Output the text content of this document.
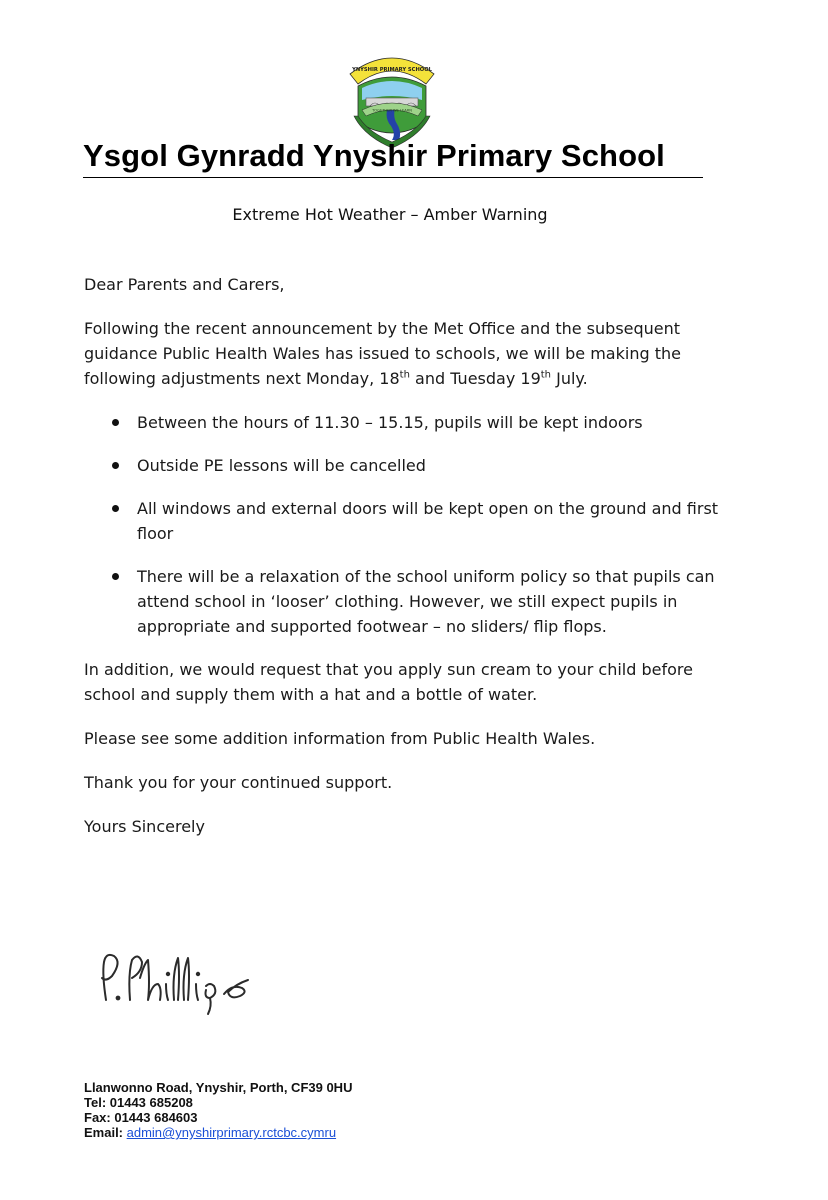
YNYSHIR PRIMARY SCHOOL
TOGETHER WE LEARN
Ysgol Gynradd Ynyshir Primary School
Extreme Hot Weather – Amber Warning

Dear Parents and Carers,

Following the recent announcement by the Met Office and the subsequent guidance Public Health Wales has issued to schools, we will be making the following adjustments next Monday, 18th and Tuesday 19th July.

Between the hours of 11.30 – 15.15, pupils will be kept indoors
Outside PE lessons will be cancelled
All windows and external doors will be kept open on the ground and first floor
There will be a relaxation of the school uniform policy so that pupils can attend school in ‘looser’ clothing. However, we still expect pupils in appropriate and supported footwear – no sliders/ flip flops.

In addition, we would request that you apply sun cream to your child before school and supply them with a hat and a bottle of water.

Please see some addition information from Public Health Wales.

Thank you for your continued support.

Yours Sincerely

Llanwonno Road, Ynyshir, Porth, CF39 0HU
Tel: 01443 685208
Fax: 01443 684603
Email: admin@ynyshirprimary.rctcbc.cymru
